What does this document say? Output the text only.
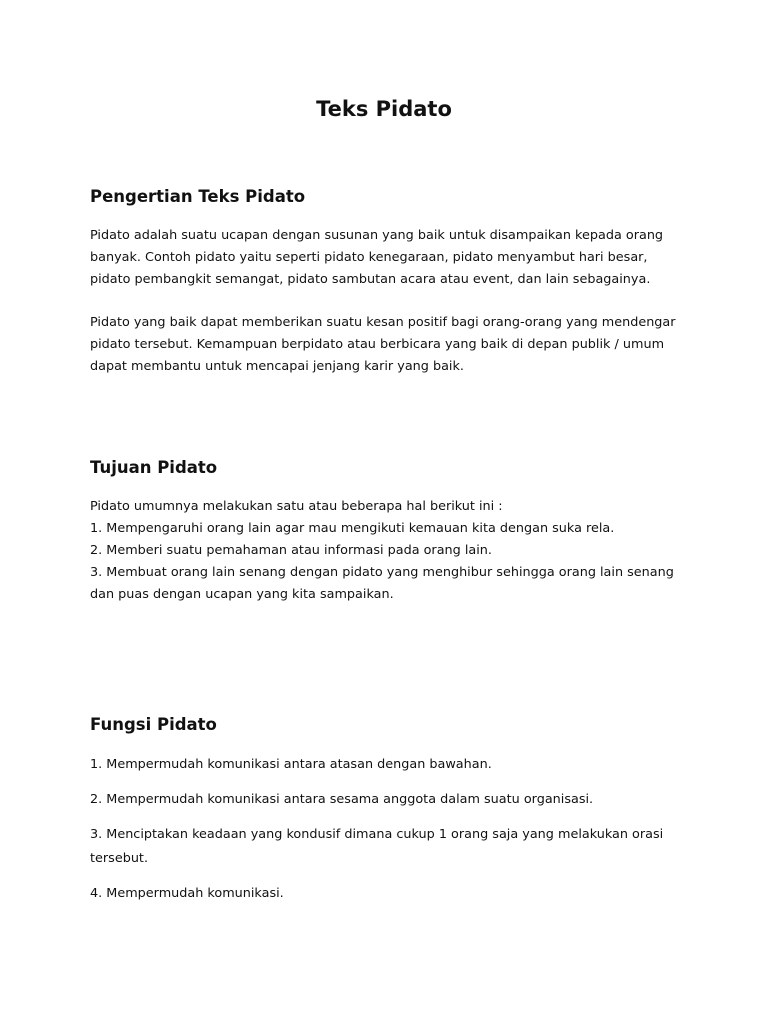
Teks Pidato
Pengertian Teks Pidato

Pidato adalah suatu ucapan dengan susunan yang baik untuk disampaikan kepada orang banyak. Contoh pidato yaitu seperti pidato kenegaraan, pidato menyambut hari besar, pidato pembangkit semangat, pidato sambutan acara atau event, dan lain sebagainya.

Pidato yang baik dapat memberikan suatu kesan positif bagi orang-orang yang mendengar pidato tersebut. Kemampuan berpidato atau berbicara yang baik di depan publik / umum dapat membantu untuk mencapai jenjang karir yang baik.

Tujuan Pidato

Pidato umumnya melakukan satu atau beberapa hal berikut ini :

1. Mempengaruhi orang lain agar mau mengikuti kemauan kita dengan suka rela.
2. Memberi suatu pemahaman atau informasi pada orang lain.
3. Membuat orang lain senang dengan pidato yang menghibur sehingga orang lain senang dan puas dengan ucapan yang kita sampaikan.
Fungsi Pidato
1. Mempermudah komunikasi antara atasan dengan bawahan.
2. Mempermudah komunikasi antara sesama anggota dalam suatu organisasi.
3. Menciptakan keadaan yang kondusif dimana cukup 1 orang saja yang melakukan orasi tersebut.
4. Mempermudah komunikasi.
